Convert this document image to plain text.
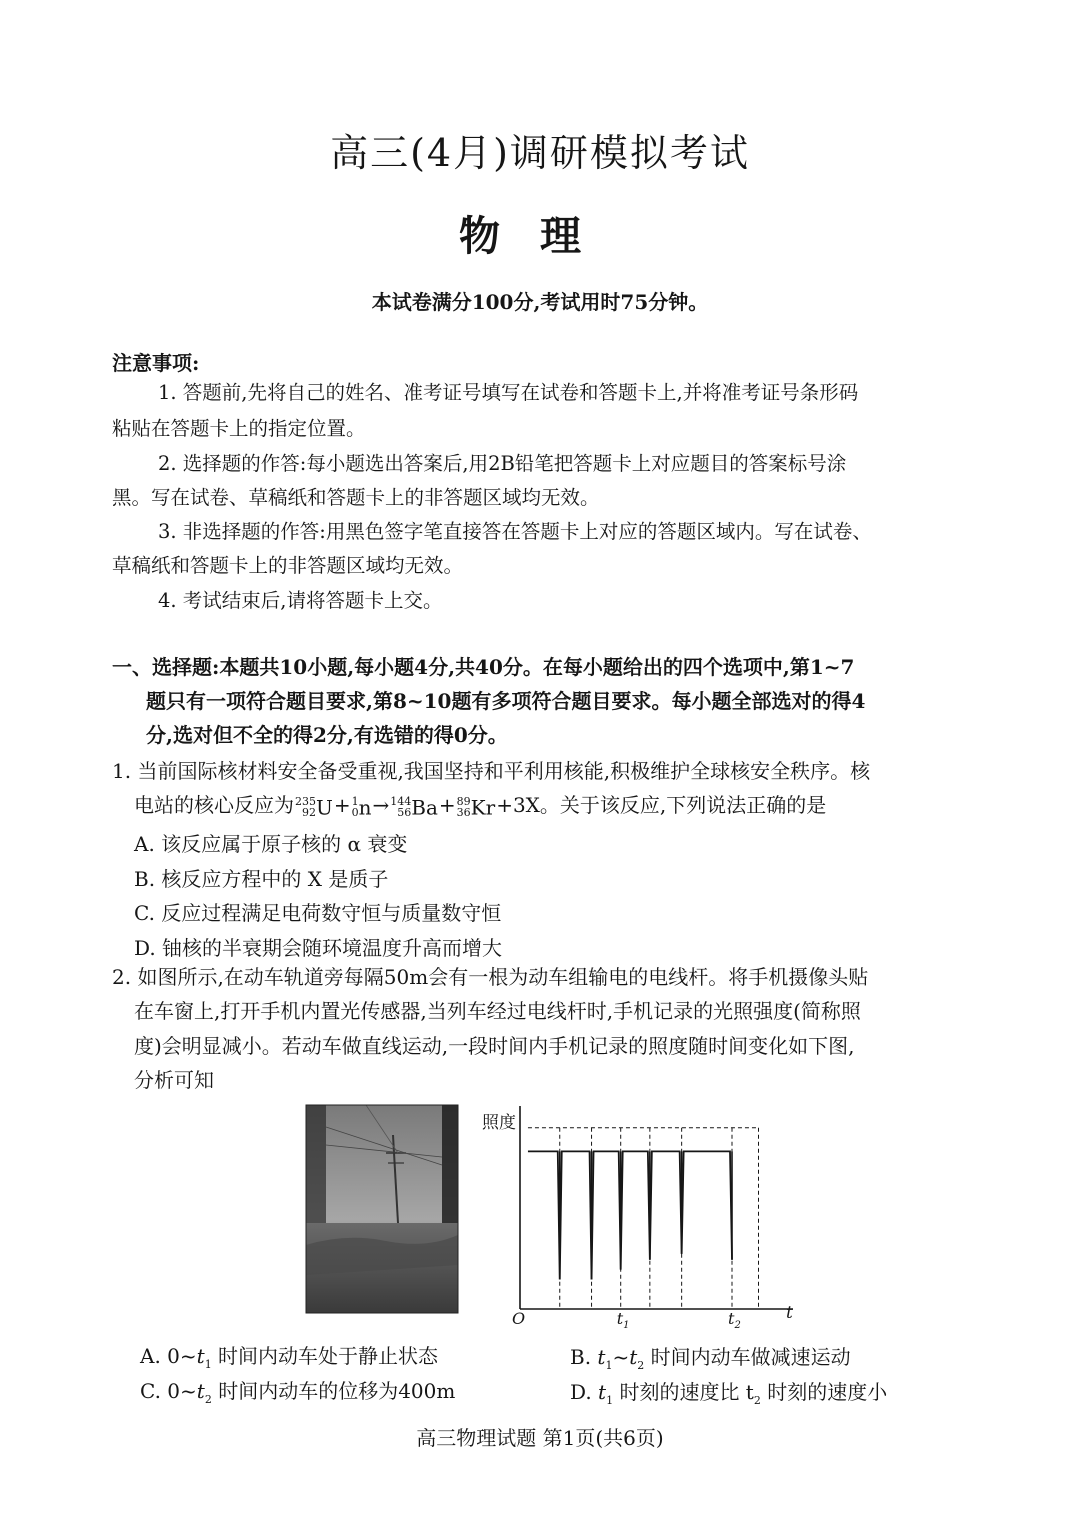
高三(4月)调研模拟考试
物理
本试卷满分100分,考试用时75分钟。
注意事项:
1. 答题前,先将自己的姓名、准考证号填写在试卷和答题卡上,并将准考证号条形码
粘贴在答题卡上的指定位置。
2. 选择题的作答:每小题选出答案后,用2B铅笔把答题卡上对应题目的答案标号涂
黑。写在试卷、草稿纸和答题卡上的非答题区域均无效。
3. 非选择题的作答:用黑色签字笔直接答在答题卡上对应的答题区域内。写在试卷、
草稿纸和答题卡上的非答题区域均无效。
4. 考试结束后,请将答题卡上交。
一、选择题:本题共10小题,每小题4分,共40分。在每小题给出的四个选项中,第1~7
题只有一项符合题目要求,第8~10题有多项符合题目要求。每小题全部选对的得4
分,选对但不全的得2分,有选错的得0分。
1. 当前国际核材料安全备受重视,我国坚持和平利用核能,积极维护全球核安全秩序。核
电站的核心反应为235
92U+1
0n→144
56Ba+89
36Kr+3X。关于该反应,下列说法正确的是
A. 该反应属于原子核的 α 衰变
B. 核反应方程中的 X 是质子
C. 反应过程满足电荷数守恒与质量数守恒
D. 铀核的半衰期会随环境温度升高而增大
2. 如图所示,在动车轨道旁每隔50m会有一根为动车组输电的电线杆。将手机摄像头贴
在车窗上,打开手机内置光传感器,当列车经过电线杆时,手机记录的光照强度(简称照
度)会明显减小。若动车做直线运动,一段时间内手机记录的照度随时间变化如下图,
分析可知
照度
O	t
$t_1$	$t_2$
A. $0\sim t_1$ 时间内动车处于静止状态	B. $t_1\sim t_2$ 时间内动车做减速运动
C. $0\sim t_2$ 时间内动车的位移为400m	D. $t_1$ 时刻的速度比 $t_2$ 时刻的速度小
高三物理试题 第1页(共6页)
